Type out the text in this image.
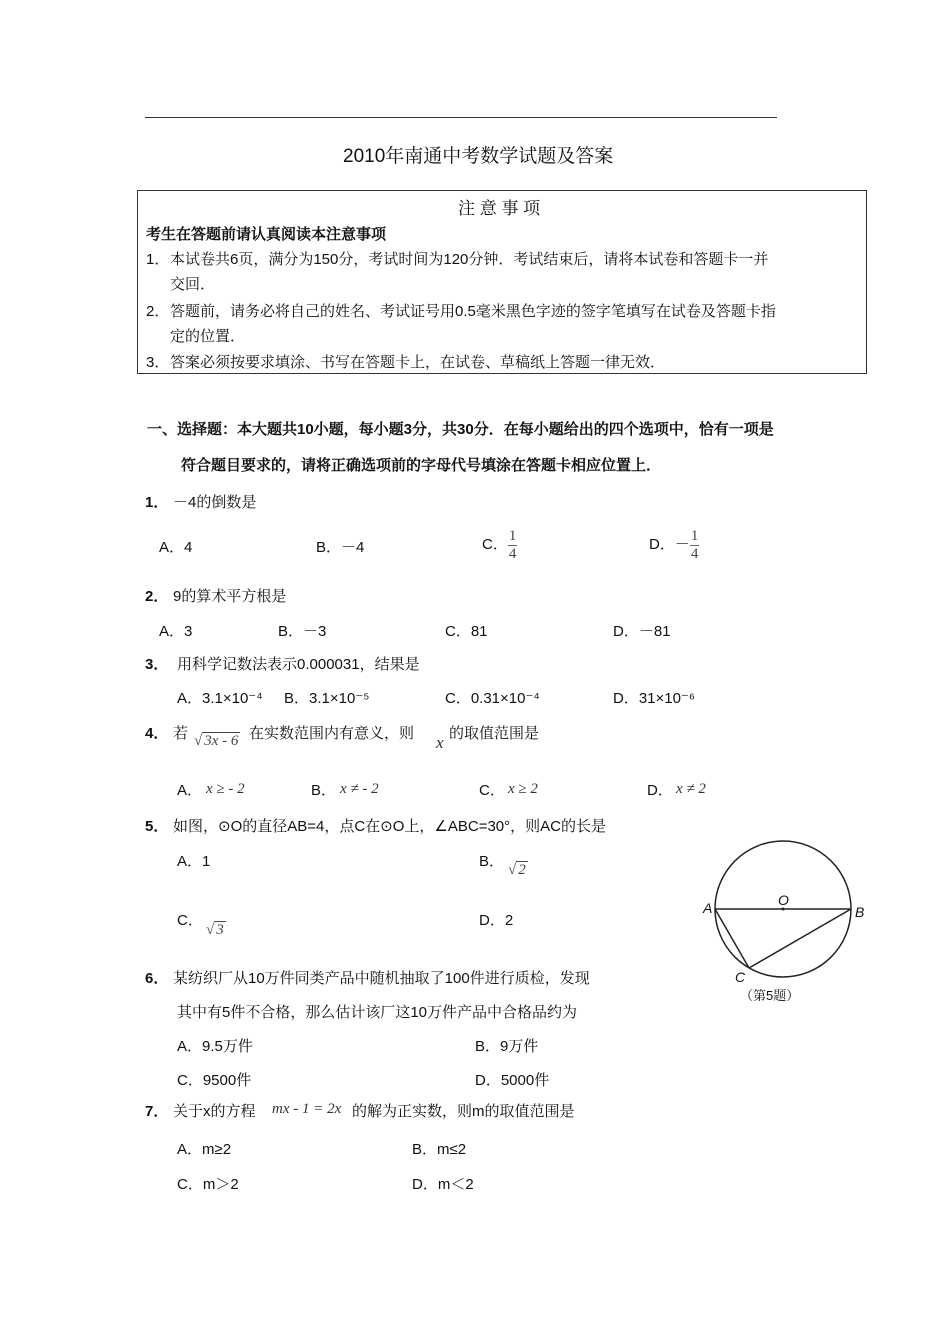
2010年南通中考数学试题及答案
注 意 事 项
考生在答题前请认真阅读本注意事项
1． 本试卷共6页，满分为150分，考试时间为120分钟．考试结束后，请将本试卷和答题卡一并
交回．
2． 答题前，请务必将自己的姓名、考试证号用0.5毫米黑色字迹的签字笔填写在试卷及答题卡指
定的位置．
3． 答案必须按要求填涂、书写在答题卡上，在试卷、草稿纸上答题一律无效．
一、选择题：本大题共10小题，每小题3分，共30分．在每小题给出的四个选项中，恰有一项是
符合题目要求的，请将正确选项前的字母代号填涂在答题卡相应位置上．
1． －4的倒数是
A．4	B．－4	C． $\frac{1}{4}$	D．－ $\frac{1}{4}$
2． 9的算术平方根是
A．3	B．－3	C．81	D．－81
3． 用科学记数法表示0.000031，结果是
A．3.1×10⁻⁴ B．3.1×10⁻⁵	C．0.31×10⁻⁴	D．31×10⁻⁶
4． 若 √ 3x - 6 在实数范围内有意义，则 x 的取值范围是
A． x ≥ - 2	B． x ≠ - 2	C． x ≥ 2	D． x ≠ 2
5． 如图，⊙O的直径AB=4，点C在⊙O上，∠ABC=30°，则AC的长是
A．1	B． √ 2
C．
√ 3
D．2
A	B
O
C
（第5题）
6． 某纺织厂从10万件同类产品中随机抽取了100件进行质检，发现
其中有5件不合格，那么估计该厂这10万件产品中合格品约为
A．9.5万件	B．9万件
C．9500件	D．5000件
7． 关于x的方程 mx - 1 = 2x 的解为正实数，则m的取值范围是
A．m≥2	B．m≤2
C．m＞2	D．m＜2
